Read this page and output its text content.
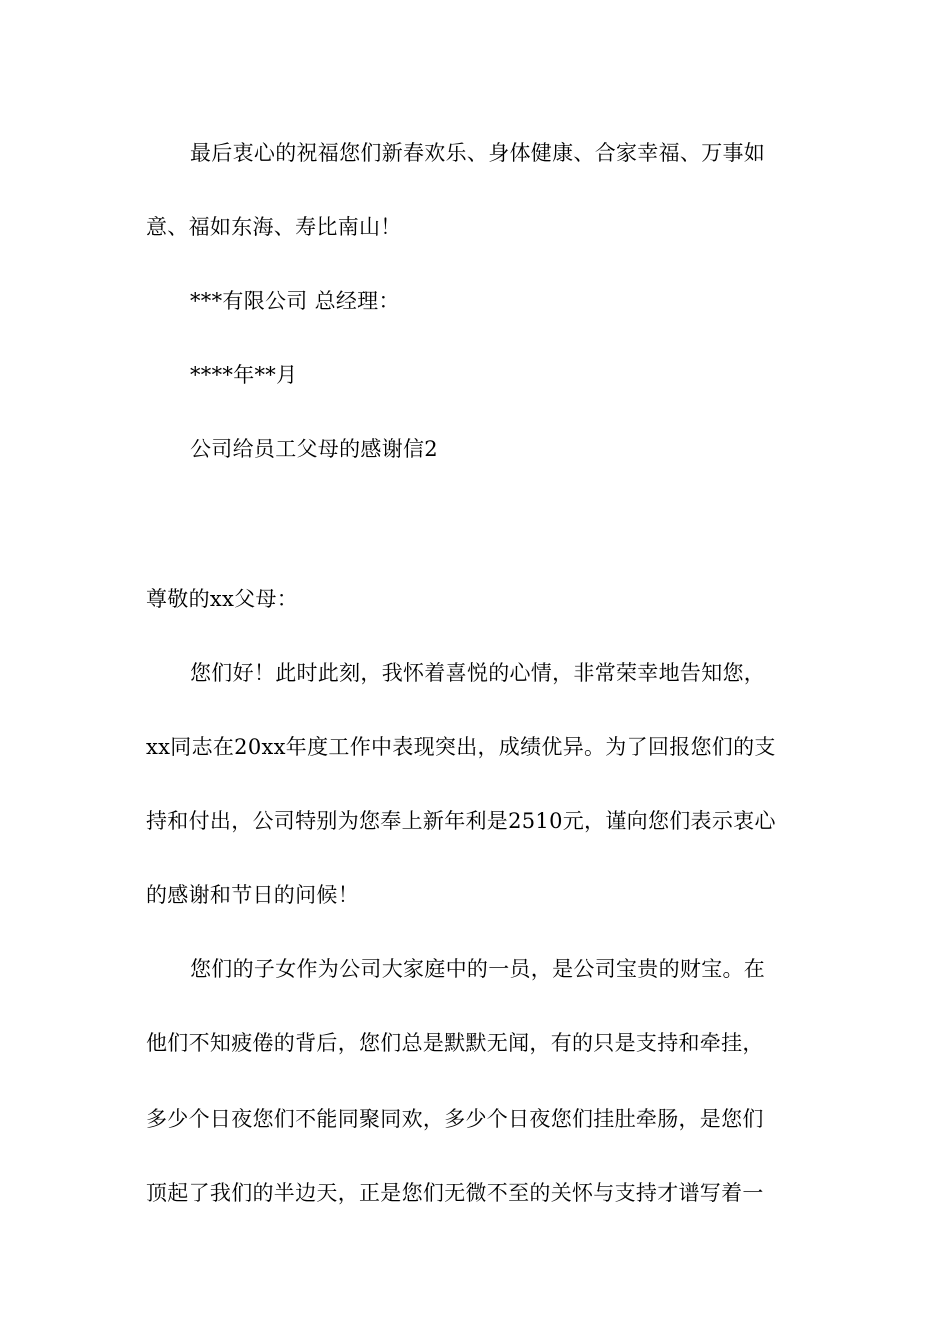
最后衷心的祝福您们新春欢乐、身体健康、合家幸福、万事如
意、福如东海、寿比南山！
***有限公司 总经理：
****年**月
公司给员工父母的感谢信2
尊敬的xx父母：
您们好！此时此刻，我怀着喜悦的心情，非常荣幸地告知您，
xx同志在20xx年度工作中表现突出，成绩优异。为了回报您们的支
持和付出，公司特别为您奉上新年利是2510元，谨向您们表示衷心
的感谢和节日的问候！
您们的子女作为公司大家庭中的一员，是公司宝贵的财宝。在
他们不知疲倦的背后，您们总是默默无闻，有的只是支持和牵挂，
多少个日夜您们不能同聚同欢，多少个日夜您们挂肚牵肠，是您们
顶起了我们的半边天，正是您们无微不至的关怀与支持才谱写着一
